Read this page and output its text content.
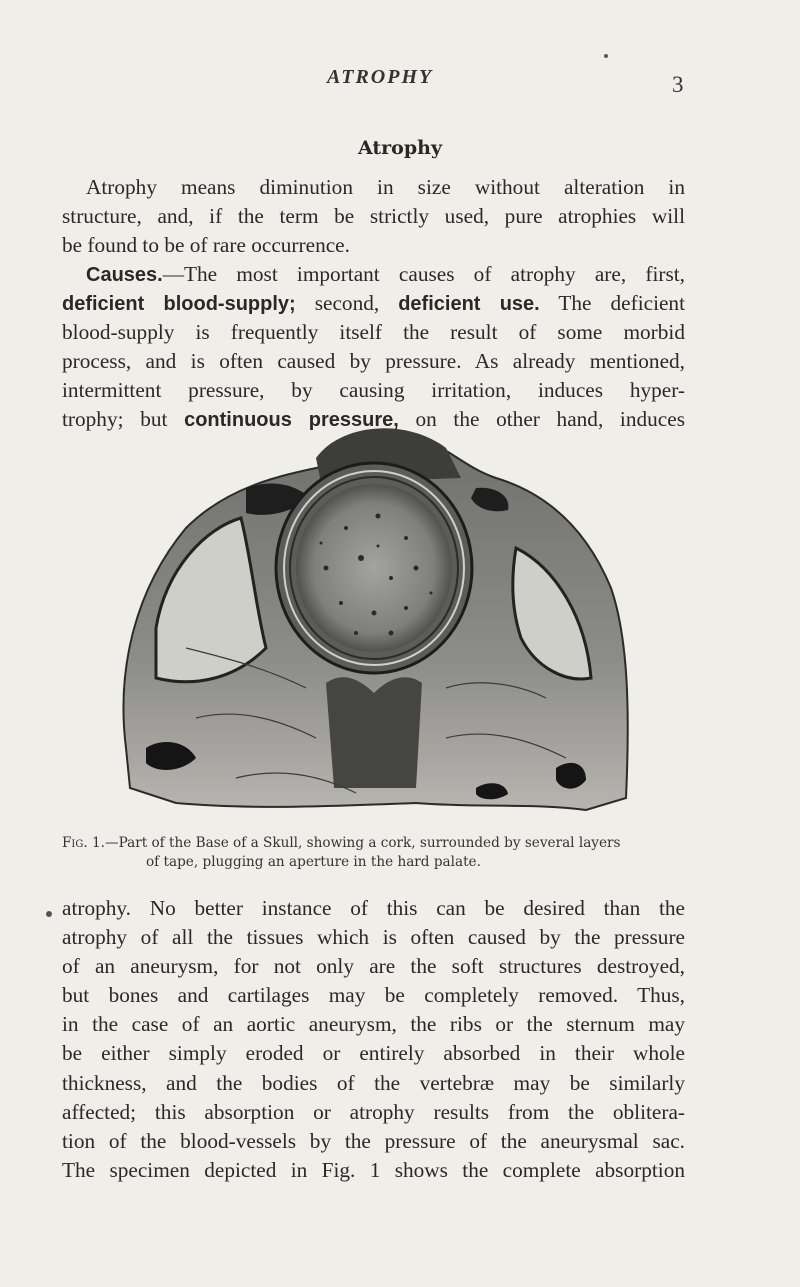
ATROPHY	3
Atrophy
Atrophy means diminution in size without alteration in
structure, and, if the term be strictly used, pure atrophies will
be found to be of rare occurrence.
Causes.—The most important causes of atrophy are, first,
deficient blood-supply; second, deficient use. The deficient
blood-supply is frequently itself the result of some morbid
process, and is often caused by pressure. As already mentioned,
intermittent pressure, by causing irritation, induces hyper-
trophy; but continuous pressure, on the other hand, induces
Fig. 1.—Part of the Base of a Skull, showing a cork, surrounded by several layers
of tape, plugging an aperture in the hard palate.
atrophy. No better instance of this can be desired than the
atrophy of all the tissues which is often caused by the pressure
of an aneurysm, for not only are the soft structures destroyed,
but bones and cartilages may be completely removed. Thus,
in the case of an aortic aneurysm, the ribs or the sternum may
be either simply eroded or entirely absorbed in their whole
thickness, and the bodies of the vertebræ may be similarly
affected; this absorption or atrophy results from the oblitera-
tion of the blood-vessels by the pressure of the aneurysmal sac.
The specimen depicted in Fig. 1 shows the complete absorption
